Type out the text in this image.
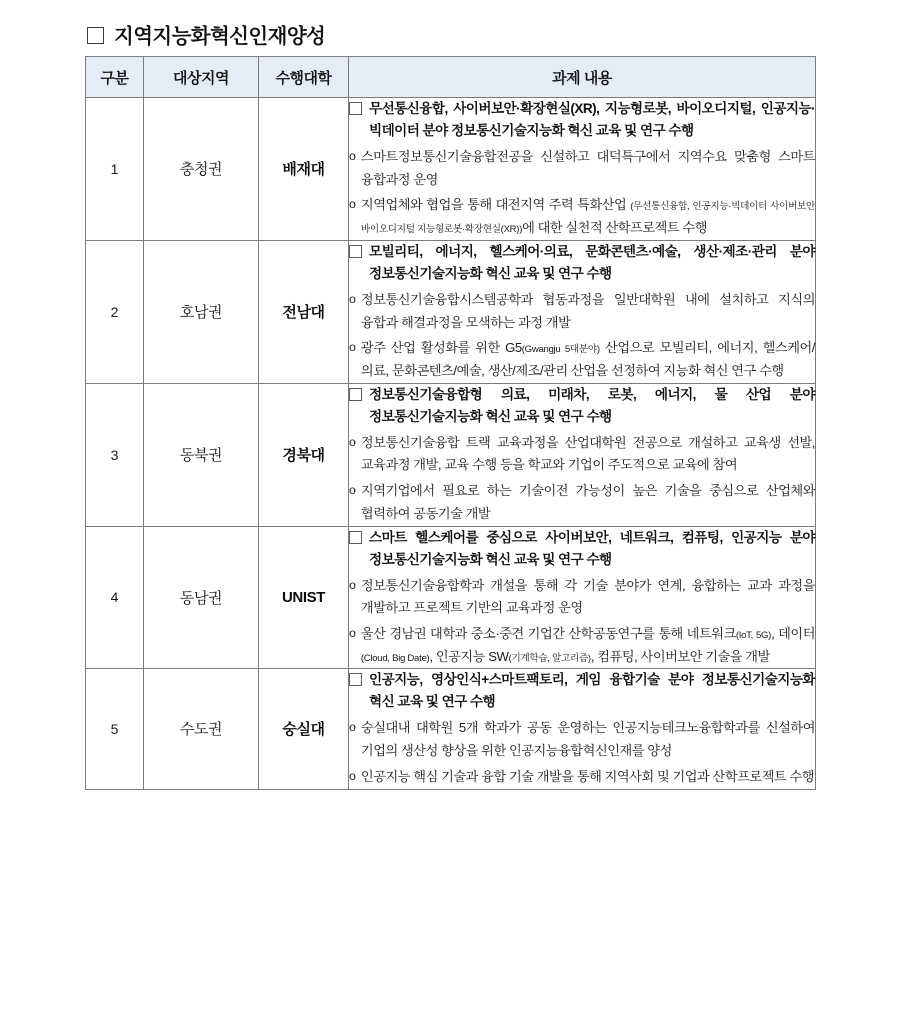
지역지능화혁신인재양성
구분	대상지역	수행대학	과제 내용
1	충청권	배재대	무선통신융합, 사이버보안·확장현실(XR), 지능형로봇, 바이오디지털, 인공지능·빅데이터 분야 정보통신기술지능화 혁신 교육 및 연구 수행
o 스마트정보통신기술융합전공을 신설하고 대덕특구에서 지역수요 맞춤형 스마트 융합과정 운영
o 지역업체와 협업을 통해 대전지역 주력 특화산업 (무선통신융합, 인공지능·빅데이터 사이버보안 바이오디지털 지능형로봇·확장현실(XR))에 대한 실천적 산학프로젝트 수행

2	호남권	전남대	모빌리티, 에너지, 헬스케어·의료, 문화콘텐츠·예술, 생산·제조·관리 분야 정보통신기술지능화 혁신 교육 및 연구 수행
o 정보통신기술융합시스템공학과 협동과정을 일반대학원 내에 설치하고 지식의 융합과 해결과정을 모색하는 과정 개발
o 광주 산업 활성화를 위한 G5(Gwangju 5대분야) 산업으로 모빌리티, 에너지, 헬스케어/의료, 문화콘텐츠/예술, 생산/제조/관리 산업을 선정하여 지능화 혁신 연구 수행

3	동북권	경북대	정보통신기술융합형 의료, 미래차, 로봇, 에너지, 물 산업 분야 정보통신기술지능화 혁신 교육 및 연구 수행
o 정보통신기술융합 트랙 교육과정을 산업대학원 전공으로 개설하고 교육생 선발, 교육과정 개발, 교육 수행 등을 학교와 기업이 주도적으로 교육에 참여
o 지역기업에서 필요로 하는 기술이전 가능성이 높은 기술을 중심으로 산업체와 협력하여 공동기술 개발

4	동남권	UNIST	스마트 헬스케어를 중심으로 사이버보안, 네트워크, 컴퓨팅, 인공지능 분야 정보통신기술지능화 혁신 교육 및 연구 수행
o 정보통신기술융합학과 개설을 통해 각 기술 분야가 연계, 융합하는 교과 과정을 개발하고 프로젝트 기반의 교육과정 운영
o 울산 경남권 대학과 중소·중견 기업간 산학공동연구를 통해 네트워크(IoT, 5G), 데이터(Cloud, Big Date), 인공지능 SW(기계학습, 알고리즘), 컴퓨팅, 사이버보안 기술을 개발

5	수도권	숭실대	인공지능, 영상인식+스마트팩토리, 게임 융합기술 분야 정보통신기술지능화 혁신 교육 및 연구 수행
o 숭실대내 대학원 5개 학과가 공동 운영하는 인공지능테크노융합학과를 신설하여 기업의 생산성 향상을 위한 인공지능융합혁신인재를 양성
o 인공지능 핵심 기술과 융합 기술 개발을 통해 지역사회 및 기업과 산학프로젝트 수행
